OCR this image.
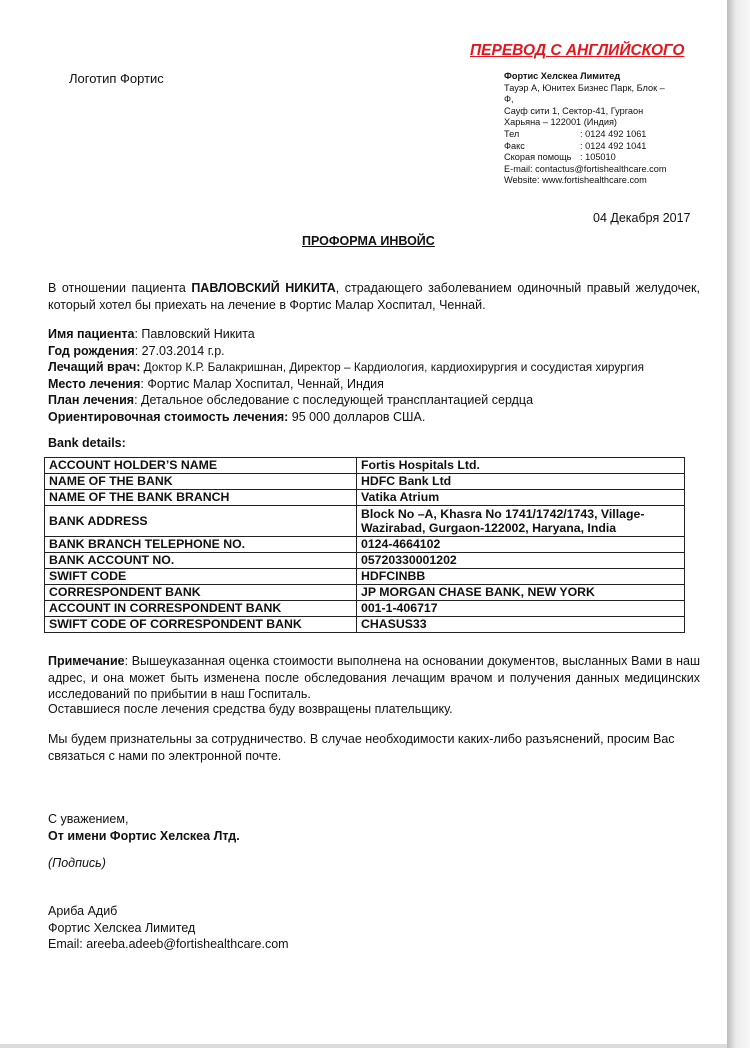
ПЕРЕВОД С АНГЛИЙСКОГО
Логотип Фортис	Фортис Хелскеа Лимитед
Тауэр А, Юнитех Бизнес Парк, Блок –
Ф,
Сауф сити 1, Сектор-41, Гургаон
Харьяна – 122001 (Индия)
Тел	: 0124 492 1061
Факс	: 0124 492 1041
Скорая помощь : 105010
E-mail: contactus@fortishealthcare.com
Website: www.fortishealthcare.com
04 Декабря 2017
ПРОФОРМА ИНВОЙС
В отношении пациента ПАВЛОВСКИЙ НИКИТА, страдающего заболеванием одиночный правый желудочек, который хотел бы приехать на лечение в Фортис Малар Хоспитал, Ченнай.
Имя пациента: Павловский Никита
Год рождения: 27.03.2014 г.р.
Лечащий врач: Доктор К.Р. Балакришнан, Директор – Кардиология, кардиохирургия и сосудистая хирургия
Место лечения: Фортис Малар Хоспитал, Ченнай, Индия
План лечения: Детальное обследование с последующей трансплантацией сердца
Ориентировочная стоимость лечения: 95 000 долларов США.
Bank details:
ACCOUNT HOLDER’S NAME	Fortis Hospitals Ltd.
NAME OF THE BANK	HDFC Bank Ltd
NAME OF THE BANK BRANCH	Vatika Atrium
BANK ADDRESS	Block No –A, Khasra No 1741/1742/1743, Village-Wazirabad, Gurgaon-122002, Haryana, India
BANK BRANCH TELEPHONE NO.	0124-4664102
BANK ACCOUNT NO.	05720330001202
SWIFT CODE	HDFCINBB
CORRESPONDENT BANK	JP MORGAN CHASE BANK, NEW YORK
ACCOUNT IN CORRESPONDENT BANK	001-1-406717
SWIFT CODE OF CORRESPONDENT BANK	CHASUS33
Примечание: Вышеуказанная оценка стоимости выполнена на основании документов, высланных Вами в наш адрес, и она может быть изменена после обследования лечащим врачом и получения данных медицинских исследований по прибытии в наш Госпиталь.
Оставшиеся после лечения средства буду возвращены плательщику.
Мы будем признательны за сотрудничество. В случае необходимости каких-либо разъяснений, просим Вас связаться с нами по электронной почте.
С уважением,
От имени Фортис Хелскеа Лтд.
(Подпись)
Ариба Адиб
Фортис Хелскеа Лимитед
Email: areeba.adeeb@fortishealthcare.com
